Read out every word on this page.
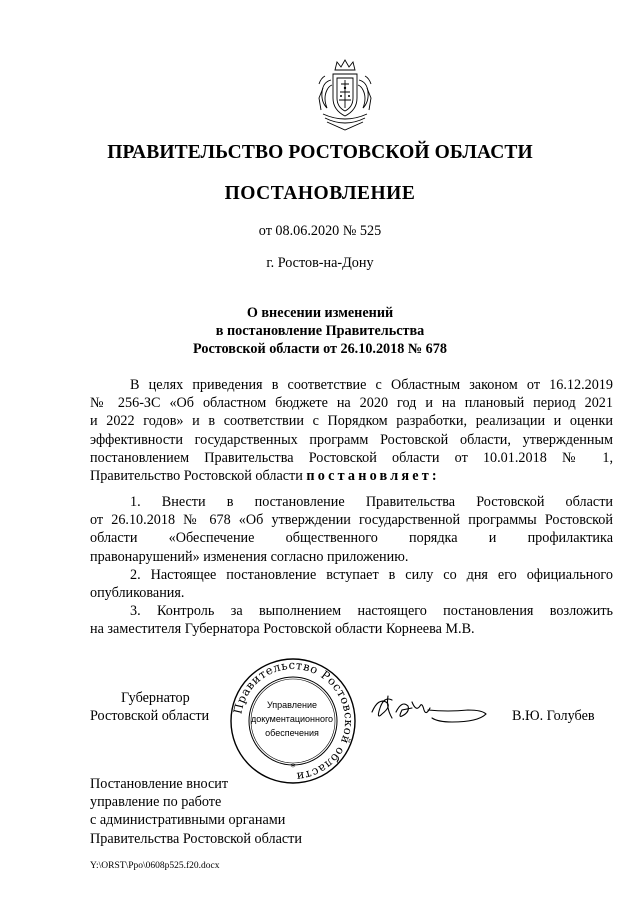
ПРАВИТЕЛЬСТВО РОСТОВСКОЙ ОБЛАСТИ
ПОСТАНОВЛЕНИЕ
от 08.06.2020 № 525
г. Ростов-на-Дону
О внесении изменений
в постановление Правительства
Ростовской области от 26.10.2018 № 678
В целях приведения в соответствие с Областным законом от 16.12.2019
№ 256-ЗС «Об областном бюджете на 2020 год и на плановый период 2021
и 2022 годов» и в соответствии с Порядком разработки, реализации и оценки
эффективности государственных программ Ростовской области, утвержденным
постановлением Правительства Ростовской области от 10.01.2018 № 1,
Правительство Ростовской области постановляет:
1. Внести в постановление Правительства Ростовской области
от 26.10.2018 № 678 «Об утверждении государственной программы Ростовской
области «Обеспечение общественного порядка и профилактика
правонарушений» изменения согласно приложению.
2. Настоящее постановление вступает в силу со дня его официального
опубликования.
3. Контроль за выполнением настоящего постановления возложить
на заместителя Губернатора Ростовской области Корнеева М.В.
Губернатор
Ростовской области	Правительство Ростовской области
Управление
документационного
обеспечения
*
В.Ю. Голубев
Постановление вносит
управление по работе
с административными органами
Правительства Ростовской области
Y:\ORST\Ppo\0608p525.f20.docx
